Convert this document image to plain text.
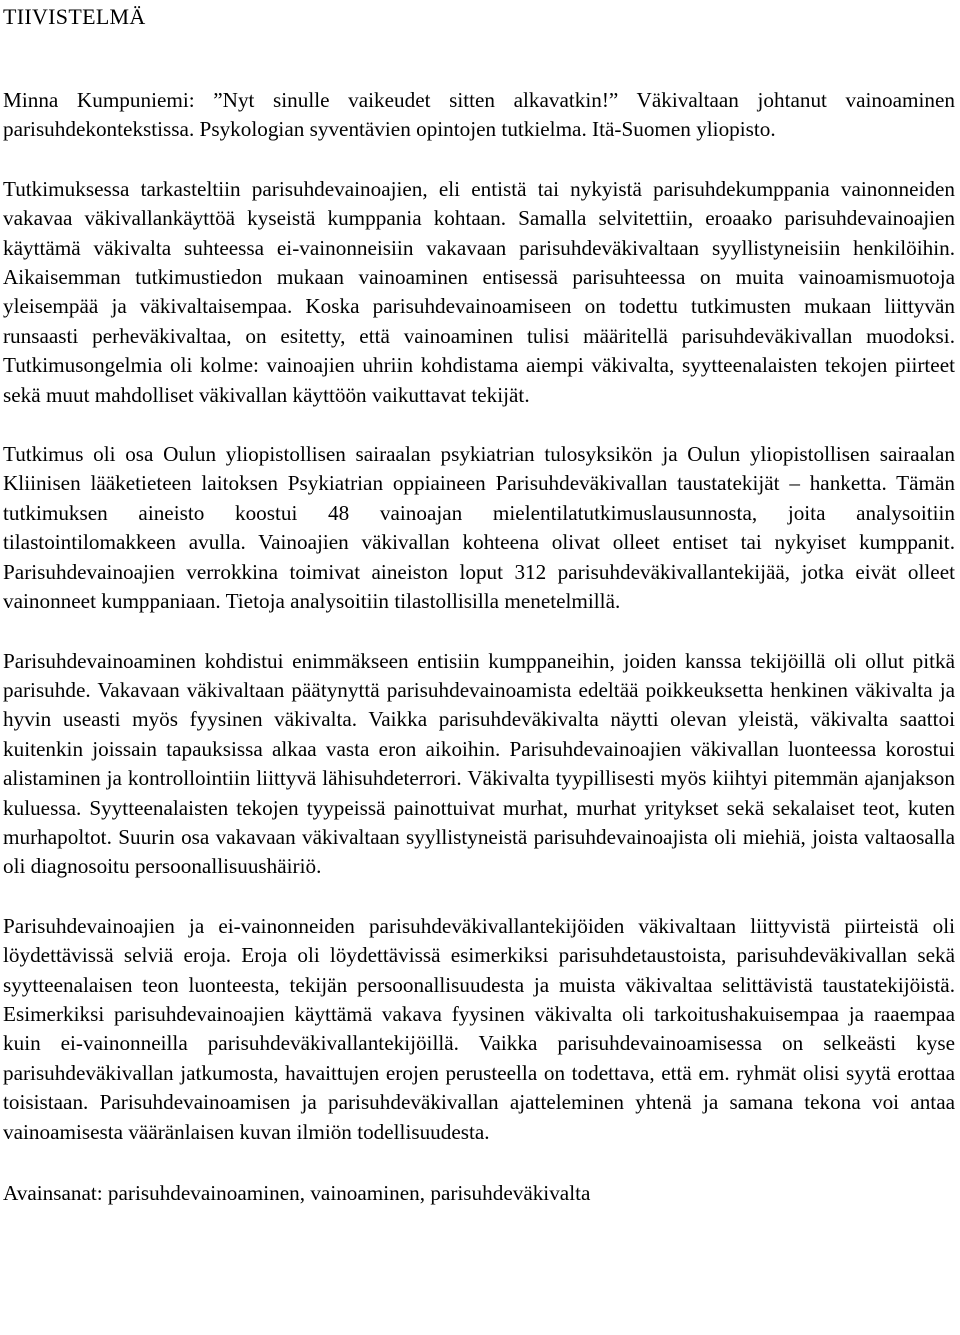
TIIVISTELMÄ

Minna Kumpuniemi: ”Nyt sinulle vaikeudet sitten alkavatkin!” Väkivaltaan johtanut vainoaminen parisuhdekontekstissa. Psykologian syventävien opintojen tutkielma. Itä-Suomen yliopisto.

Tutkimuksessa tarkasteltiin parisuhdevainoajien, eli entistä tai nykyistä parisuhdekumppania vainonneiden vakavaa väkivallankäyttöä kyseistä kumppania kohtaan. Samalla selvitettiin, eroaako parisuhdevainoajien käyttämä väkivalta suhteessa ei-vainonneisiin vakavaan parisuhdeväkivaltaan syyllistyneisiin henkilöihin. Aikaisemman tutkimustiedon mukaan vainoaminen entisessä parisuhteessa on muita vainoamismuotoja yleisempää ja väkivaltaisempaa. Koska parisuhdevainoamiseen on todettu tutkimusten mukaan liittyvän runsaasti perheväkivaltaa, on esitetty, että vainoaminen tulisi määritellä parisuhdeväkivallan muodoksi. Tutkimusongelmia oli kolme: vainoajien uhriin kohdistama aiempi väkivalta, syytteenalaisten tekojen piirteet sekä muut mahdolliset väkivallan käyttöön vaikuttavat tekijät.

Tutkimus oli osa Oulun yliopistollisen sairaalan psykiatrian tulosyksikön ja Oulun yliopistollisen sairaalan Kliinisen lääketieteen laitoksen Psykiatrian oppiaineen Parisuhdeväkivallan taustatekijät – hanketta. Tämän tutkimuksen aineisto koostui 48 vainoajan mielentilatutkimuslausunnosta, joita analysoitiin tilastointilomakkeen avulla. Vainoajien väkivallan kohteena olivat olleet entiset tai nykyiset kumppanit. Parisuhdevainoajien verrokkina toimivat aineiston loput 312 parisuhdeväkivallantekijää, jotka eivät olleet vainonneet kumppaniaan. Tietoja analysoitiin tilastollisilla menetelmillä.

Parisuhdevainoaminen kohdistui enimmäkseen entisiin kumppaneihin, joiden kanssa tekijöillä oli ollut pitkä parisuhde. Vakavaan väkivaltaan päätynyttä parisuhdevainoamista edeltää poikkeuksetta henkinen väkivalta ja hyvin useasti myös fyysinen väkivalta. Vaikka parisuhdeväkivalta näytti olevan yleistä, väkivalta saattoi kuitenkin joissain tapauksissa alkaa vasta eron aikoihin. Parisuhdevainoajien väkivallan luonteessa korostui alistaminen ja kontrollointiin liittyvä lähisuhdeterrori. Väkivalta tyypillisesti myös kiihtyi pitemmän ajanjakson kuluessa. Syytteenalaisten tekojen tyypeissä painottuivat murhat, murhat yritykset sekä sekalaiset teot, kuten murhapoltot. Suurin osa vakavaan väkivaltaan syyllistyneistä parisuhdevainoajista oli miehiä, joista valtaosalla oli diagnosoitu persoonallisuushäiriö.

Parisuhdevainoajien ja ei-vainonneiden parisuhdeväkivallantekijöiden väkivaltaan liittyvistä piirteistä oli löydettävissä selviä eroja. Eroja oli löydettävissä esimerkiksi parisuhdetaustoista, parisuhdeväkivallan sekä syytteenalaisen teon luonteesta, tekijän persoonallisuudesta ja muista väkivaltaa selittävistä taustatekijöistä. Esimerkiksi parisuhdevainoajien käyttämä vakava fyysinen väkivalta oli tarkoitushakuisempaa ja raaempaa kuin ei-vainonneilla parisuhdeväkivallantekijöillä. Vaikka parisuhdevainoamisessa on selkeästi kyse parisuhdeväkivallan jatkumosta, havaittujen erojen perusteella on todettava, että em. ryhmät olisi syytä erottaa toisistaan. Parisuhdevainoamisen ja parisuhdeväkivallan ajatteleminen yhtenä ja samana tekona voi antaa vainoamisesta vääränlaisen kuvan ilmiön todellisuudesta.

Avainsanat: parisuhdevainoaminen, vainoaminen, parisuhdeväkivalta
